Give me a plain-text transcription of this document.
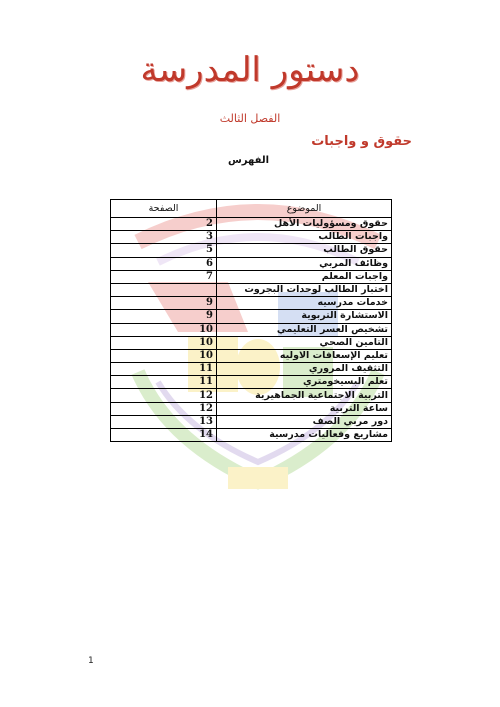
دستور المدرسة
الفصل الثالث
حقوق و واجبات
الفهرس
الموضوع	الصفحة
حقوق ومسؤوليات الأهل	2
واجبات الطالب	3
حقوق الطالب	5
وظائف المربي	6
واجبات المعلم	7
اختبار الطالب لوحدات البجروت	
خدمات مدرسيه	9
الاستشارة التربوية	9
تشخيص العسر التعليمي	10
التامين الصحي	10
تعليم الإسعافات الاوليه	10
التثقيف المروري	11
تعلم البسيخومتري	11
التربية الاجتماعية الجماهيرية	12
ساعة التربية	12
دور مربي الصف	13
مشاريع وفعاليات مدرسية	14
1
